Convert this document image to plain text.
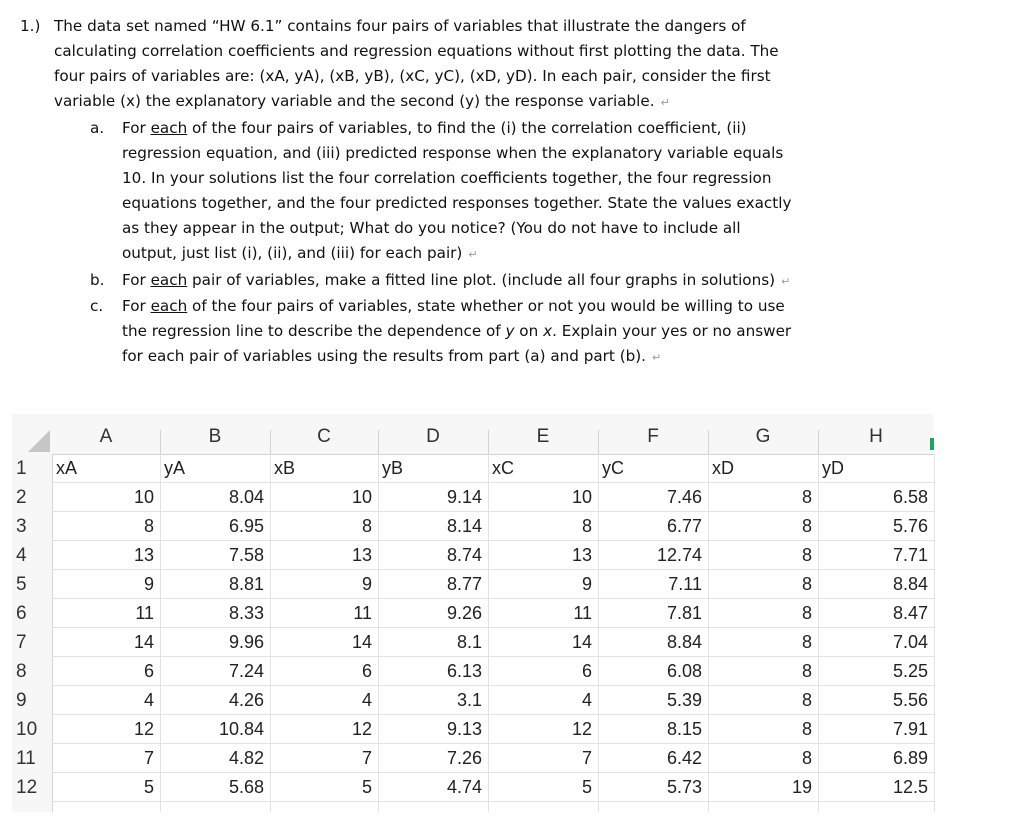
1.) The data set named “HW 6.1” contains four pairs of variables that illustrate the dangers of
calculating correlation coefficients and regression equations without first plotting the data. The
four pairs of variables are: (xA, yA), (xB, yB), (xC, yC), (xD, yD). In each pair, consider the first
variable (x) the explanatory variable and the second (y) the response variable. ↵
a. For each of the four pairs of variables, to find the (i) the correlation coefficient, (ii)
regression equation, and (iii) predicted response when the explanatory variable equals
10. In your solutions list the four correlation coefficients together, the four regression
equations together, and the four predicted responses together. State the values exactly
as they appear in the output; What do you notice? (You do not have to include all
output, just list (i), (ii), and (iii) for each pair) ↵
b. For each pair of variables, make a fitted line plot. (include all four graphs in solutions) ↵
c. For each of the four pairs of variables, state whether or not you would be willing to use
the regression line to describe the dependence of y on x. Explain your yes or no answer
for each pair of variables using the results from part (a) and part (b). ↵
A	B	C	D	E	F	G	H
1
2
3
4
5
6
7
8
9
10
11
12
xA	yA	xB	yB	xC	yC	xD	yD
10	8.04	10	9.14	10	7.46	8	6.58
8	6.95	8	8.14	8	6.77	8	5.76
13	7.58	13	8.74	13	12.74	8	7.71
9	8.81	9	8.77	9	7.11	8	8.84
11	8.33	11	9.26	11	7.81	8	8.47
14	9.96	14	8.1	14	8.84	8	7.04
6	7.24	6	6.13	6	6.08	8	5.25
4	4.26	4	3.1	4	5.39	8	5.56
12	10.84	12	9.13	12	8.15	8	7.91
7	4.82	7	7.26	7	6.42	8	6.89
5	5.68	5	4.74	5	5.73	19	12.5
